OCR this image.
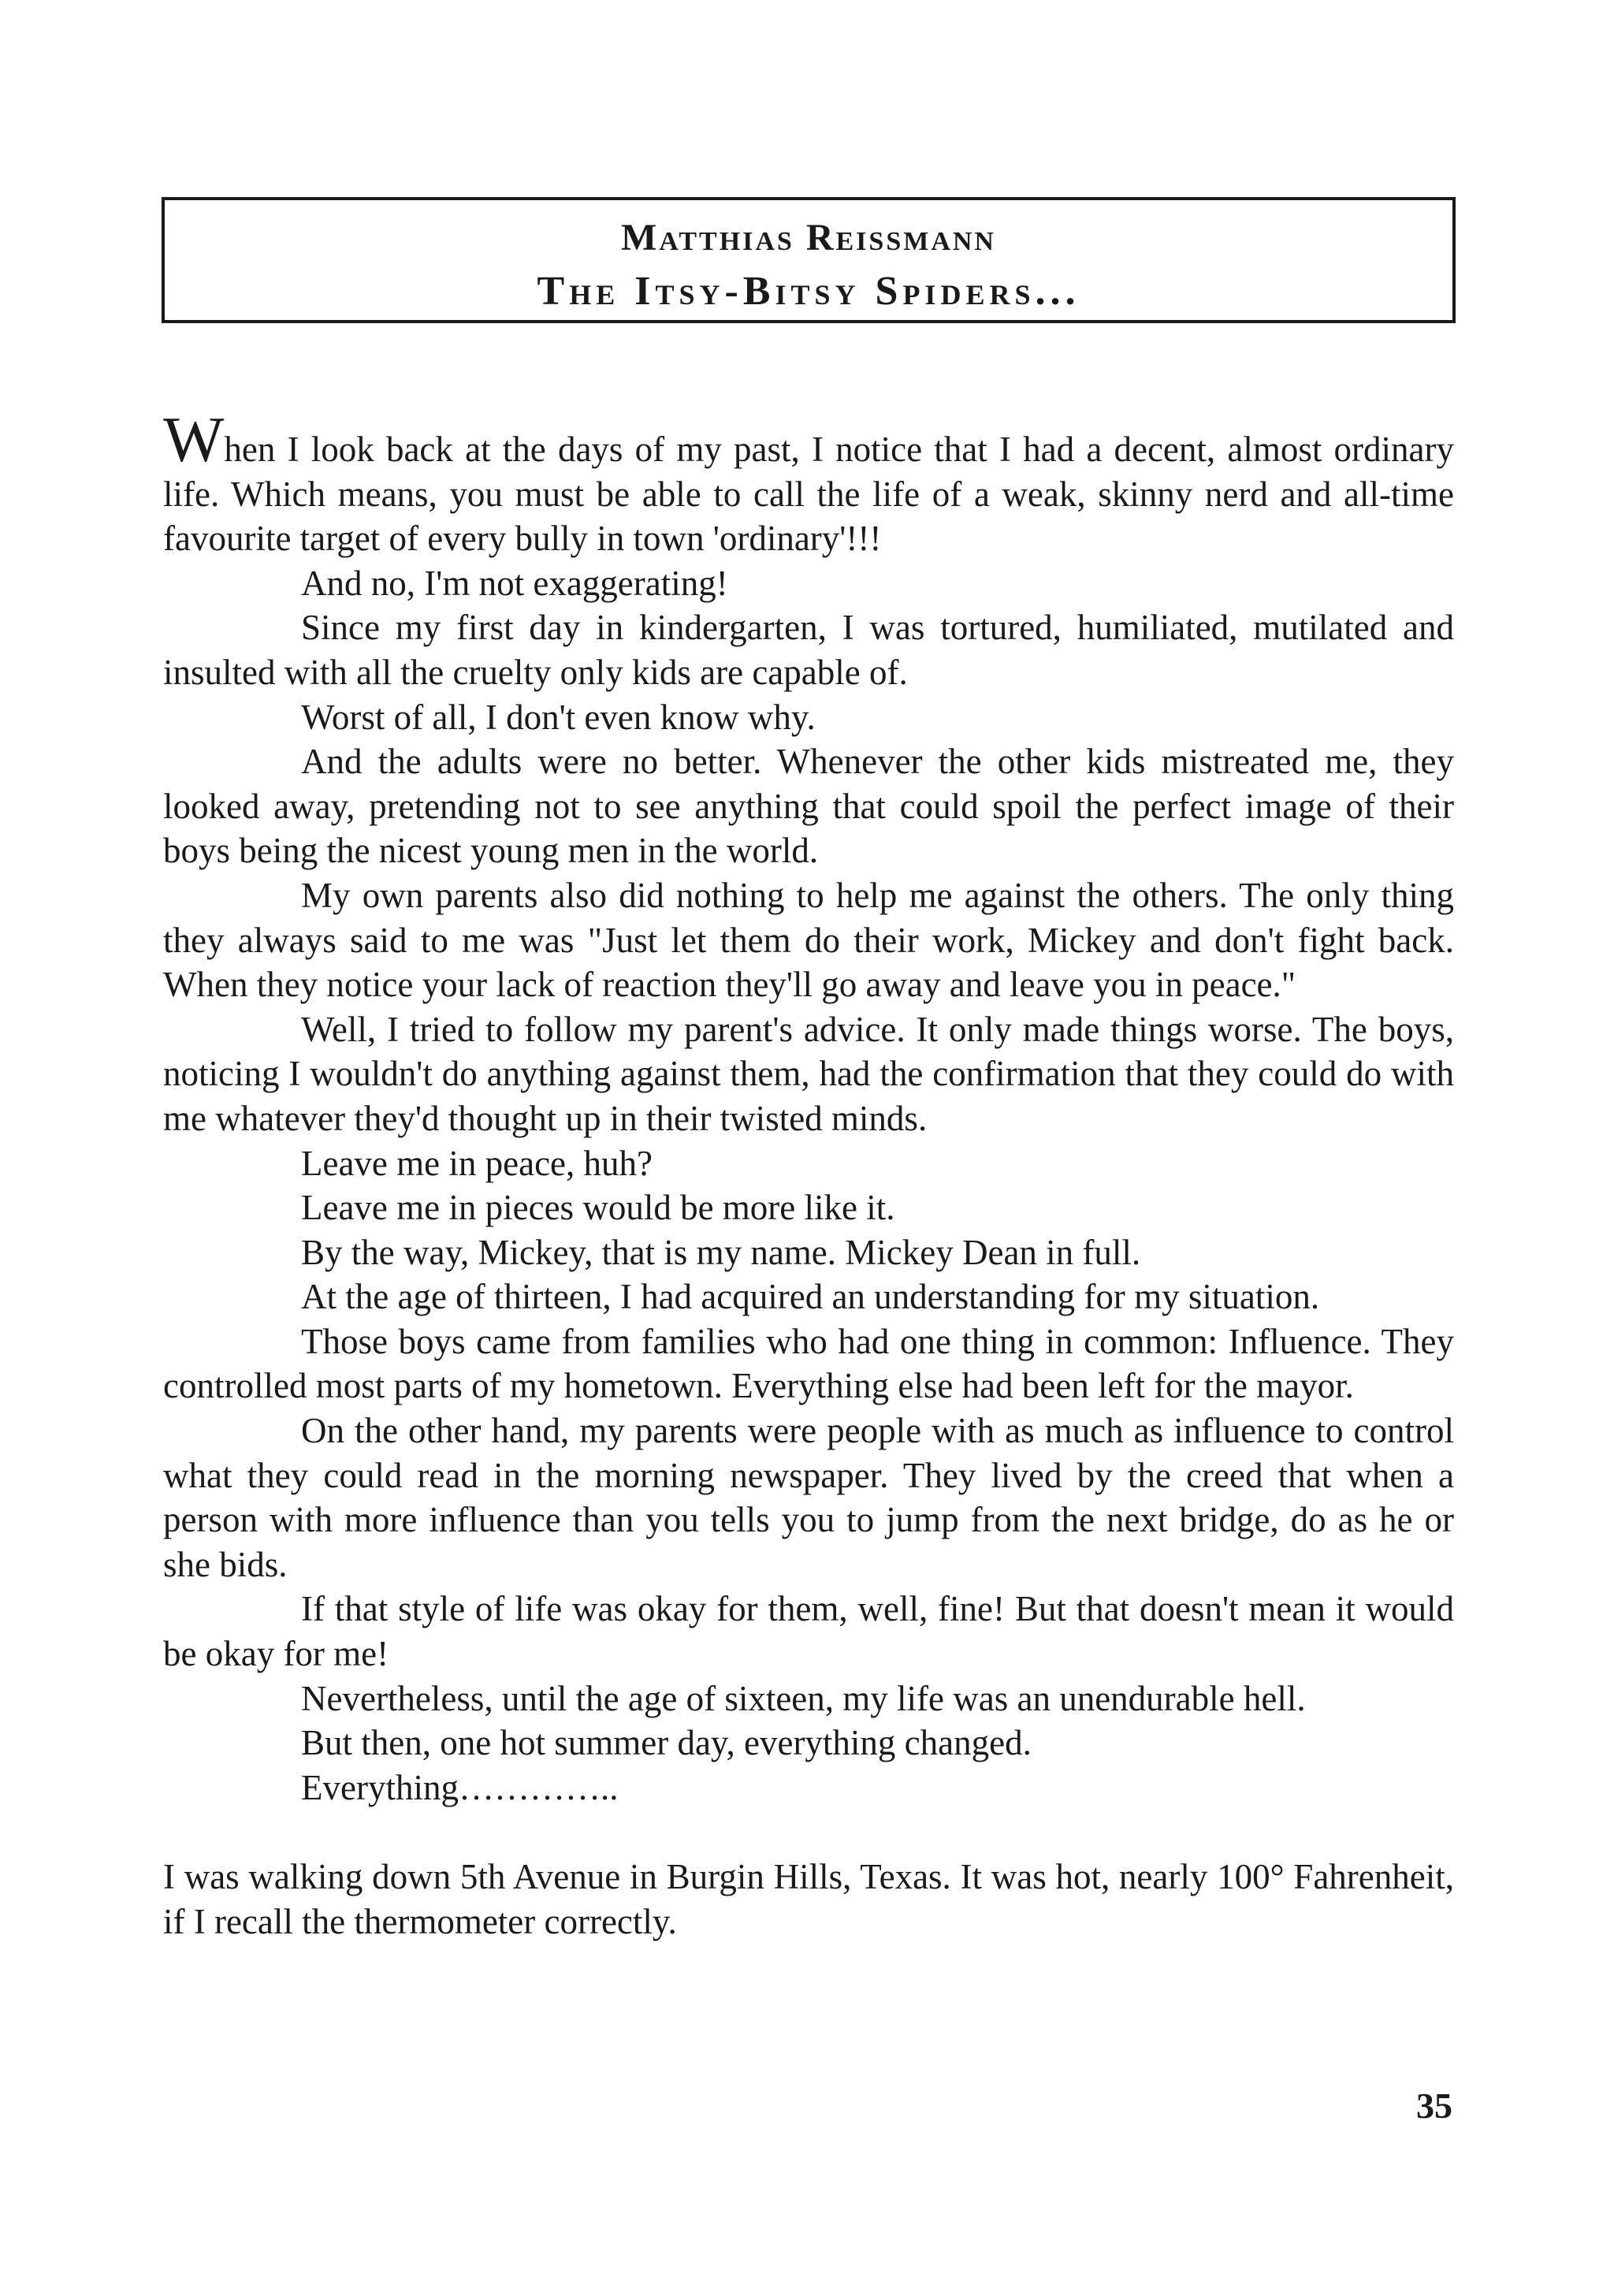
Matthias Reissmann
The Itsy-Bitsy Spiders...

When I look back at the days of my past, I notice that I had a decent, almost ordinary life. Which means, you must be able to call the life of a weak, skinny nerd and all-time favourite target of every bully in town 'ordinary'!!!

And no, I'm not exaggerating!

Since my first day in kindergarten, I was tortured, humiliated, mutilated and insulted with all the cruelty only kids are capable of.

Worst of all, I don't even know why.

And the adults were no better. Whenever the other kids mistreated me, they looked away, pretending not to see anything that could spoil the perfect image of their boys being the nicest young men in the world.

My own parents also did nothing to help me against the others. The only thing they always said to me was "Just let them do their work, Mickey and don't fight back. When they notice your lack of reaction they'll go away and leave you in peace."

Well, I tried to follow my parent's advice. It only made things worse. The boys, noticing I wouldn't do anything against them, had the confirmation that they could do with me whatever they'd thought up in their twisted minds.

Leave me in peace, huh?

Leave me in pieces would be more like it.

By the way, Mickey, that is my name. Mickey Dean in full.

At the age of thirteen, I had acquired an understanding for my situation.

Those boys came from families who had one thing in common: Influence. They controlled most parts of my hometown. Everything else had been left for the mayor.

On the other hand, my parents were people with as much as influence to control what they could read in the morning newspaper. They lived by the creed that when a person with more influence than you tells you to jump from the next bridge, do as he or she bids.

If that style of life was okay for them, well, fine! But that doesn't mean it would be okay for me!

Nevertheless, until the age of sixteen, my life was an unendurable hell.

But then, one hot summer day, everything changed.

Everything…………..

I was walking down 5th Avenue in Burgin Hills, Texas. It was hot, nearly 100° Fahrenheit, if I recall the thermometer correctly.

35
